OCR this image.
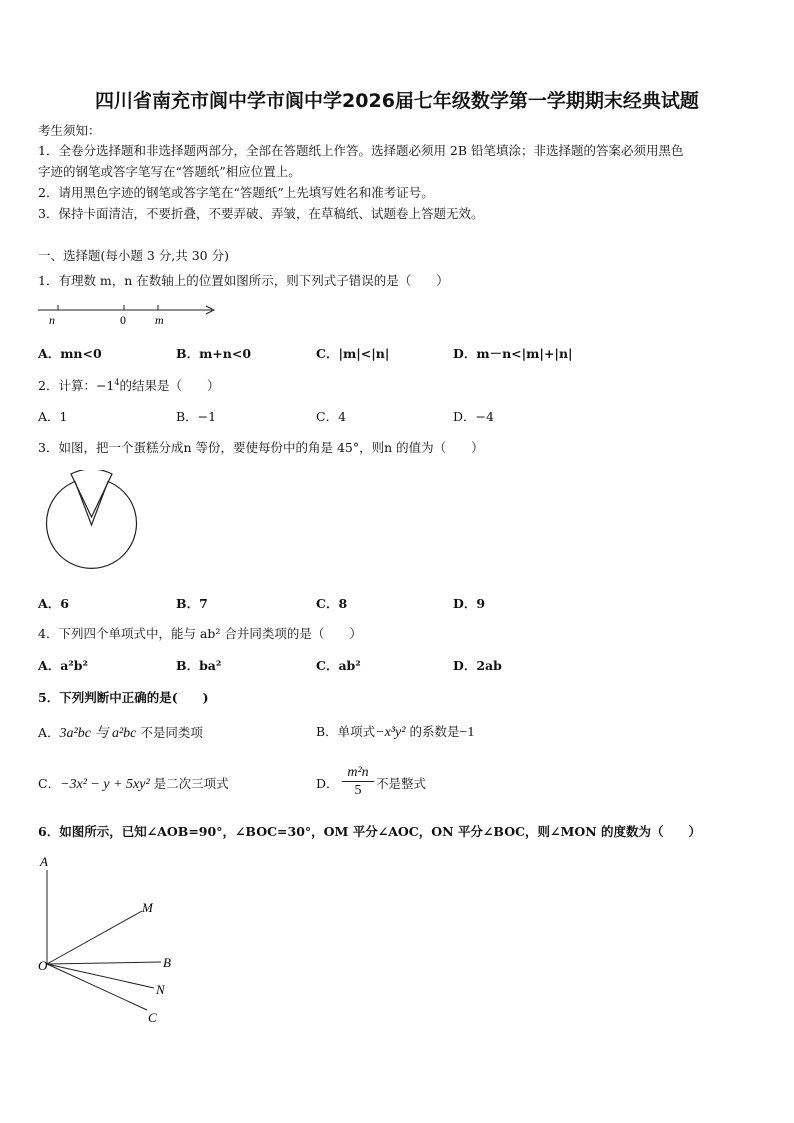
四川省南充市阆中学市阆中学2026届七年级数学第一学期期末经典试题
考生须知：
1．全卷分选择题和非选择题两部分，全部在答题纸上作答。选择题必须用 2B 铅笔填涂；非选择题的答案必须用黑色
字迹的钢笔或答字笔写在“答题纸”相应位置上。
2．请用黑色字迹的钢笔或答字笔在“答题纸”上先填写姓名和准考证号。
3．保持卡面清洁，不要折叠，不要弄破、弄皱，在草稿纸、试题卷上答题无效。
一、选择题(每小题 3 分,共 30 分)
1．有理数 m，n 在数轴上的位置如图所示，则下列式子错误的是（　　）
n	0 m
A．mn<0	B．m+n<0	C．|m|<|n|	D．m－n<|m|+|n|
2．计算：$-1^4$的结果是（　　）
A．1	B．−1	C．4	D．−4
3．如图，把一个蛋糕分成n 等份，要使每份中的角是 45°，则n 的值为（　　）
A．6	B．7	C．8	D．9
4．下列四个单项式中，能与 ab² 合并同类项的是（　　）
A．a²b²	B．ba²	C．ab²	D．2ab
5．下列判断中正确的是(　　)
A．3a²bc 与 a²bc 不是同类项	B．单项式−x³y² 的系数是−1
C．−3x² − y + 5xy² 是二次三项式	D． $\frac{\text{m²n}}{5}$ 不是整式
6．如图所示，已知∠AOB=90°，∠BOC=30°，OM 平分∠AOC，ON 平分∠BOC，则∠MON 的度数为（　　）
A
M
O	B
N
C
